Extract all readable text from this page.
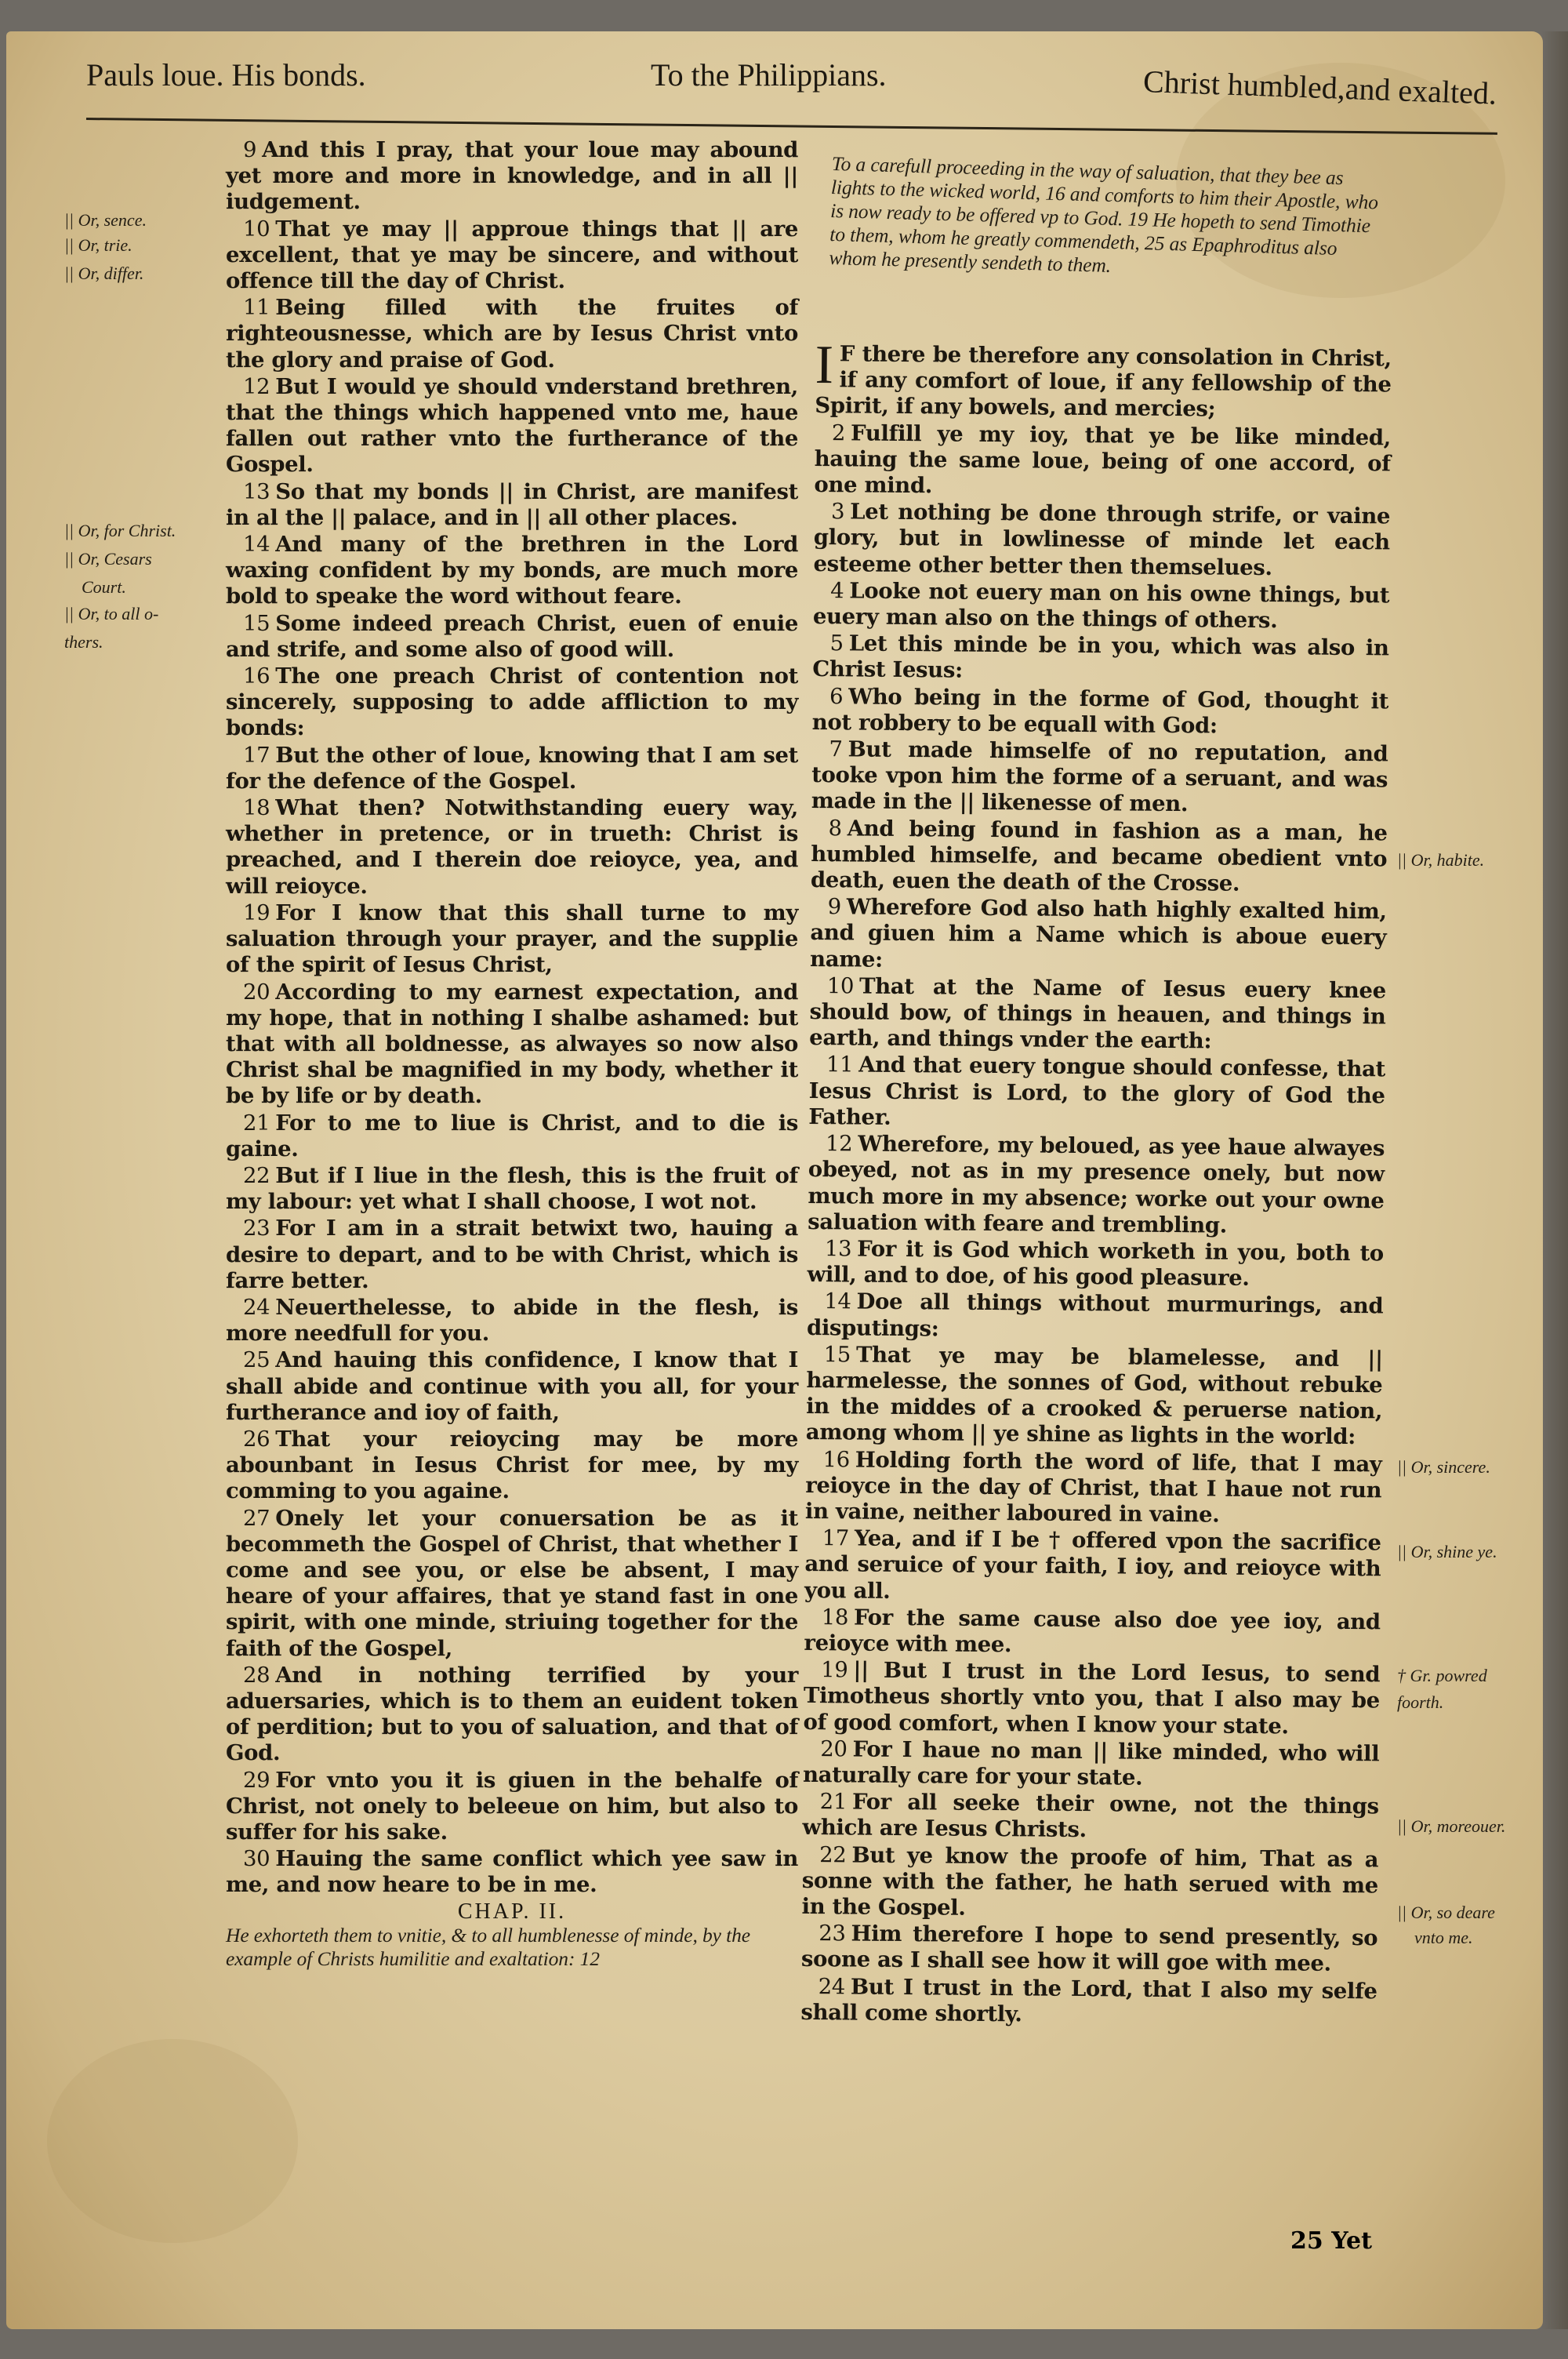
Pauls loue. His bonds.	To the Philippians.	Christ humbled,and exalted.
|| Or, sence.
|| Or, trie.
|| Or, differ.
|| Or, for Christ.
|| Or, Cesars
Court.
|| Or, to all o-
thers.

9 And this I pray, that your loue may abound yet more and more in knowledge, and in all || iudgement.

10 That ye may || approue things that || are excellent, that ye may be sincere, and without offence till the day of Christ.

11 Being filled with the fruites of righteousnesse, which are by Iesus Christ vnto the glory and praise of God.

12 But I would ye should vnderstand brethren, that the things which happened vnto me, haue fallen out rather vnto the furtherance of the Gospel.

13 So that my bonds || in Christ, are manifest in al the || palace, and in || all other places.

14 And many of the brethren in the Lord waxing confident by my bonds, are much more bold to speake the word without feare.

15 Some indeed preach Christ, euen of enuie and strife, and some also of good will.

16 The one preach Christ of contention not sincerely, supposing to adde affliction to my bonds:

17 But the other of loue, knowing that I am set for the defence of the Gospel.

18 What then? Notwithstanding euery way, whether in pretence, or in trueth: Christ is preached, and I therein doe reioyce, yea, and will reioyce.

19 For I know that this shall turne to my saluation through your prayer, and the supplie of the spirit of Iesus Christ,

20 According to my earnest expectation, and my hope, that in nothing I shalbe ashamed: but that with all boldnesse, as alwayes so now also Christ shal be magnified in my body, whether it be by life or by death.

21 For to me to liue is Christ, and to die is gaine.

22 But if I liue in the flesh, this is the fruit of my labour: yet what I shall choose, I wot not.

23 For I am in a strait betwixt two, hauing a desire to depart, and to be with Christ, which is farre better.

24 Neuerthelesse, to abide in the flesh, is more needfull for you.

25 And hauing this confidence, I know that I shall abide and continue with you all, for your furtherance and ioy of faith,

26 That your reioycing may be more abounbant in Iesus Christ for mee, by my comming to you againe.

27 Onely let your conuersation be as it becommeth the Gospel of Christ, that whether I come and see you, or else be absent, I may heare of your affaires, that ye stand fast in one spirit, with one minde, striuing together for the faith of the Gospel,

28 And in nothing terrified by your aduersaries, which is to them an euident token of perdition; but to you of saluation, and that of God.

29 For vnto you it is giuen in the behalfe of Christ, not onely to beleeue on him, but also to suffer for his sake.

30 Hauing the same conflict which yee saw in me, and now heare to be in me.

CHAP. II.

He exhorteth them to vnitie, & to all humblenesse of minde, by the example of Christs humilitie and exaltation: 12

To a carefull proceeding in the way of saluation, that they bee as lights to the wicked world, 16 and comforts to him their Apostle, who is now ready to be offered vp to God. 19 He hopeth to send Timothie to them, whom he greatly commendeth, 25 as Epaphroditus also whom he presently sendeth to them.

I F there be therefore any consolation in Christ, if any comfort of loue, if any fellowship of the Spirit, if any bowels, and mercies;

2 Fulfill ye my ioy, that ye be like minded, hauing the same loue, being of one accord, of one mind.

3 Let nothing be done through strife, or vaine glory, but in lowlinesse of minde let each esteeme other better then themselues.

4 Looke not euery man on his owne things, but euery man also on the things of others.

5 Let this minde be in you, which was also in Christ Iesus:

6 Who being in the forme of God, thought it not robbery to be equall with God:

7 But made himselfe of no reputation, and tooke vpon him the forme of a seruant, and was made in the || likenesse of men.

8 And being found in fashion as a man, he humbled himselfe, and became obedient vnto death, euen the death of the Crosse.

9 Wherefore God also hath highly exalted him, and giuen him a Name which is aboue euery name:

10 That at the Name of Iesus euery knee should bow, of things in heauen, and things in earth, and things vnder the earth:

11 And that euery tongue should confesse, that Iesus Christ is Lord, to the glory of God the Father.

12 Wherefore, my beloued, as yee haue alwayes obeyed, not as in my presence onely, but now much more in my absence; worke out your owne saluation with feare and trembling.

13 For it is God which worketh in you, both to will, and to doe, of his good pleasure.

14 Doe all things without murmurings, and disputings:

15 That ye may be blamelesse, and || harmelesse, the sonnes of God, without rebuke in the middes of a crooked & peruerse nation, among whom || ye shine as lights in the world:

16 Holding forth the word of life, that I may reioyce in the day of Christ, that I haue not run in vaine, neither laboured in vaine.

17 Yea, and if I be † offered vpon the sacrifice and seruice of your faith, I ioy, and reioyce with you all.

18 For the same cause also doe yee ioy, and reioyce with mee.

19 || But I trust in the Lord Iesus, to send Timotheus shortly vnto you, that I also may be of good comfort, when I know your state.

20 For I haue no man || like minded, who will naturally care for your state.

21 For all seeke their owne, not the things which are Iesus Christs.

22 But ye know the proofe of him, That as a sonne with the father, he hath serued with me in the Gospel.

23 Him therefore I hope to send presently, so soone as I shall see how it will goe with mee.

24 But I trust in the Lord, that I also my selfe shall come shortly.

|| Or, habite.
|| Or, sincere.
|| Or, shine ye.
† Gr. powred
foorth.
|| Or, moreouer.
|| Or, so deare
vnto me.
25 Yet
